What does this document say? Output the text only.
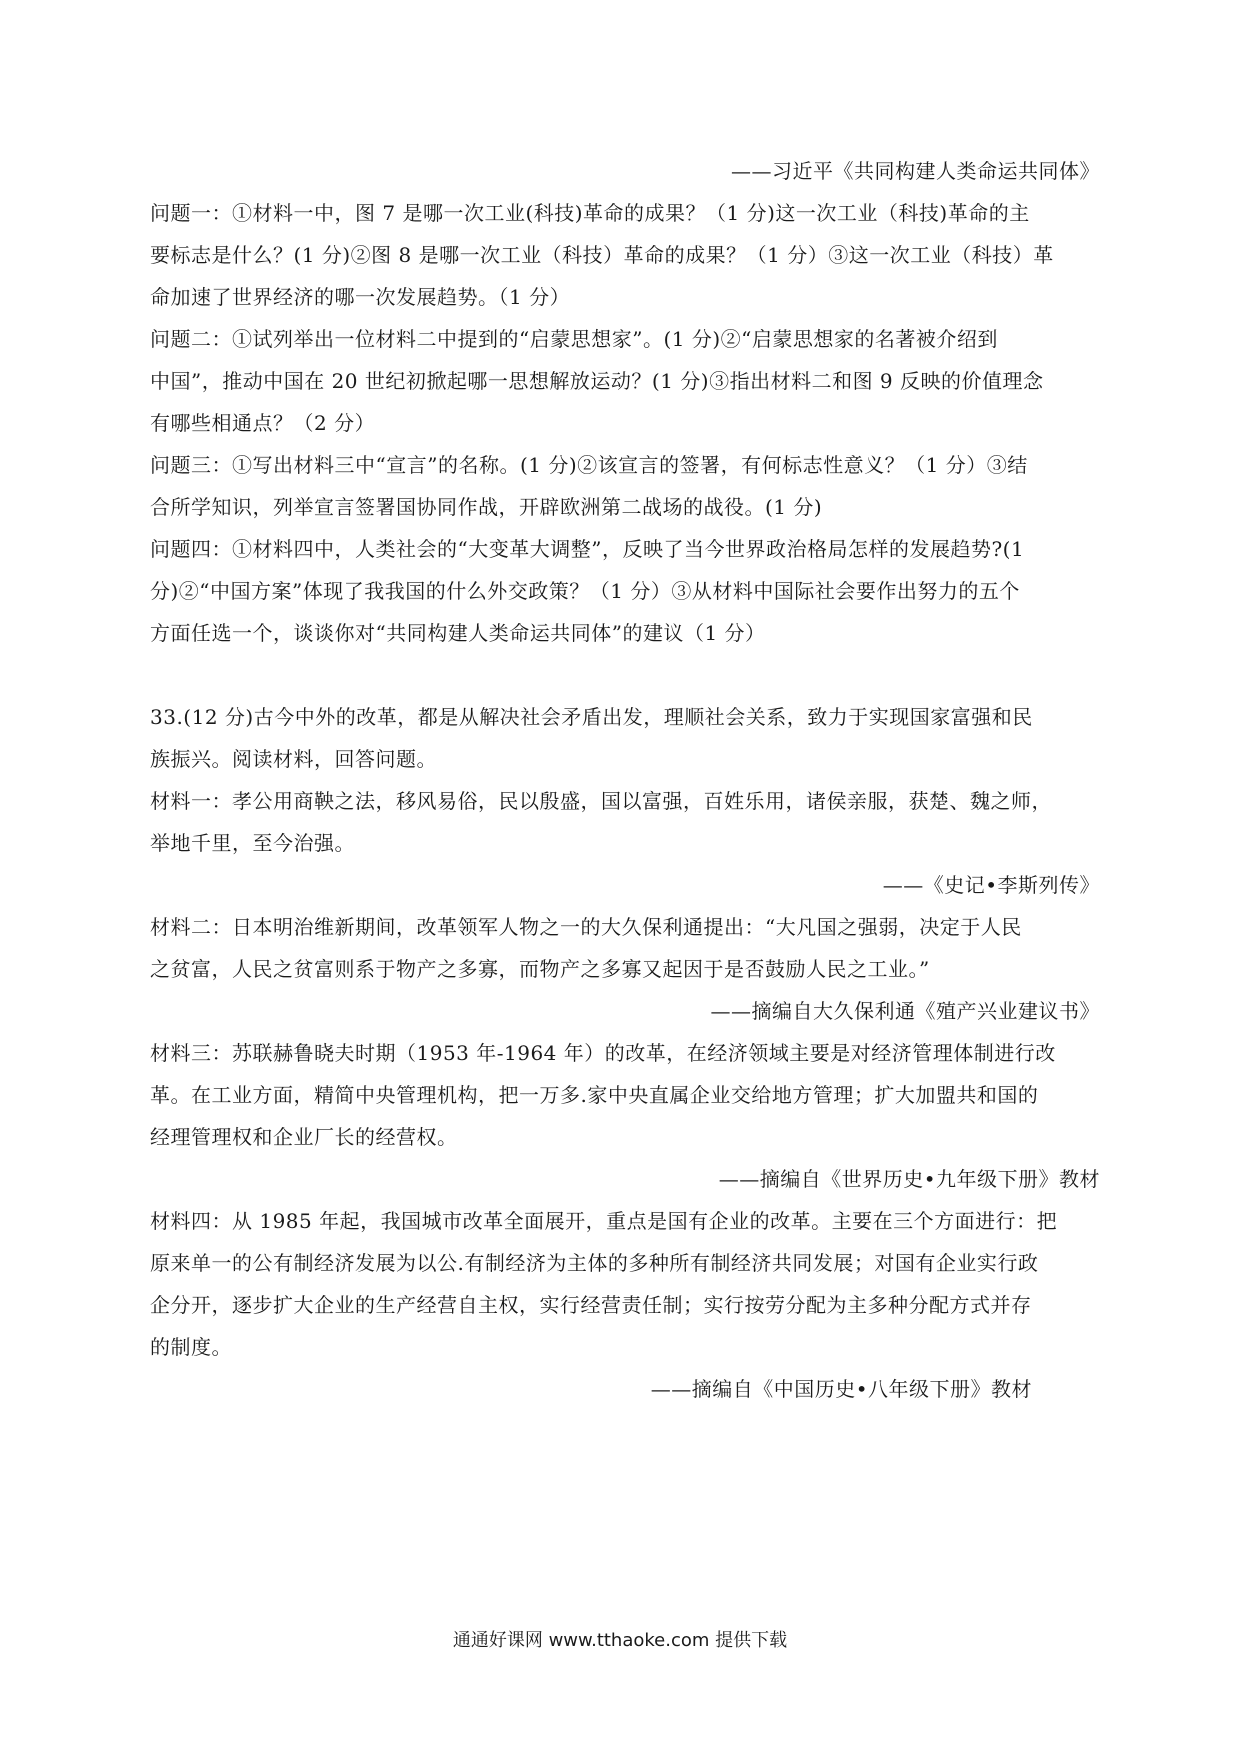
——习近平《共同构建人类命运共同体》
问题一：①材料一中，图 7 是哪一次工业(科技)革命的成果？（1 分)这一次工业（科技)革命的主
要标志是什么？(1 分)②图 8 是哪一次工业（科技）革命的成果？（1 分）③这一次工业（科技）革
命加速了世界经济的哪一次发展趋势。（1 分）
问题二：①试列举出一位材料二中提到的“启蒙思想家”。(1 分)②“启蒙思想家的名著被介绍到
中国”，推动中国在 20 世纪初掀起哪一思想解放运动？(1 分)③指出材料二和图 9 反映的价值理念
有哪些相通点？（2 分）
问题三：①写出材料三中“宣言”的名称。(1 分)②该宣言的签署，有何标志性意义？（1 分）③结
合所学知识，列举宣言签署国协同作战，开辟欧洲第二战场的战役。(1 分)
问题四：①材料四中，人类社会的“大变革大调整”，反映了当今世界政治格局怎样的发展趋势?(1
分)②“中国方案”体现了我我国的什么外交政策？（1 分）③从材料中国际社会要作出努力的五个
方面任选一个，谈谈你对“共同构建人类命运共同体”的建议（1 分）
33.(12 分)古今中外的改革，都是从解决社会矛盾出发，理顺社会关系，致力于实现国家富强和民
族振兴。阅读材料，回答问题。
材料一：孝公用商鞅之法，移风易俗，民以殷盛，国以富强，百姓乐用，诸侯亲服，获楚、魏之师，
举地千里，至今治强。
——《史记•李斯列传》
材料二：日本明治维新期间，改革领军人物之一的大久保利通提出：“大凡国之强弱，决定于人民
之贫富，人民之贫富则系于物产之多寡，而物产之多寡又起因于是否鼓励人民之工业。”
——摘编自大久保利通《殖产兴业建议书》
材料三：苏联赫鲁晓夫时期（1953 年-1964 年）的改革，在经济领域主要是对经济管理体制进行改
革。在工业方面，精简中央管理机构，把一万多.家中央直属企业交给地方管理；扩大加盟共和国的
经理管理权和企业厂长的经营权。
——摘编自《世界历史•九年级下册》教材
材料四：从 1985 年起，我国城市改革全面展开，重点是国有企业的改革。主要在三个方面进行：把
原来单一的公有制经济发展为以公.有制经济为主体的多种所有制经济共同发展；对国有企业实行政
企分开，逐步扩大企业的生产经营自主权，实行经营责任制；实行按劳分配为主多种分配方式并存
的制度。
——摘编自《中国历史•八年级下册》教材
通通好课网 www.tthaoke.com 提供下载
